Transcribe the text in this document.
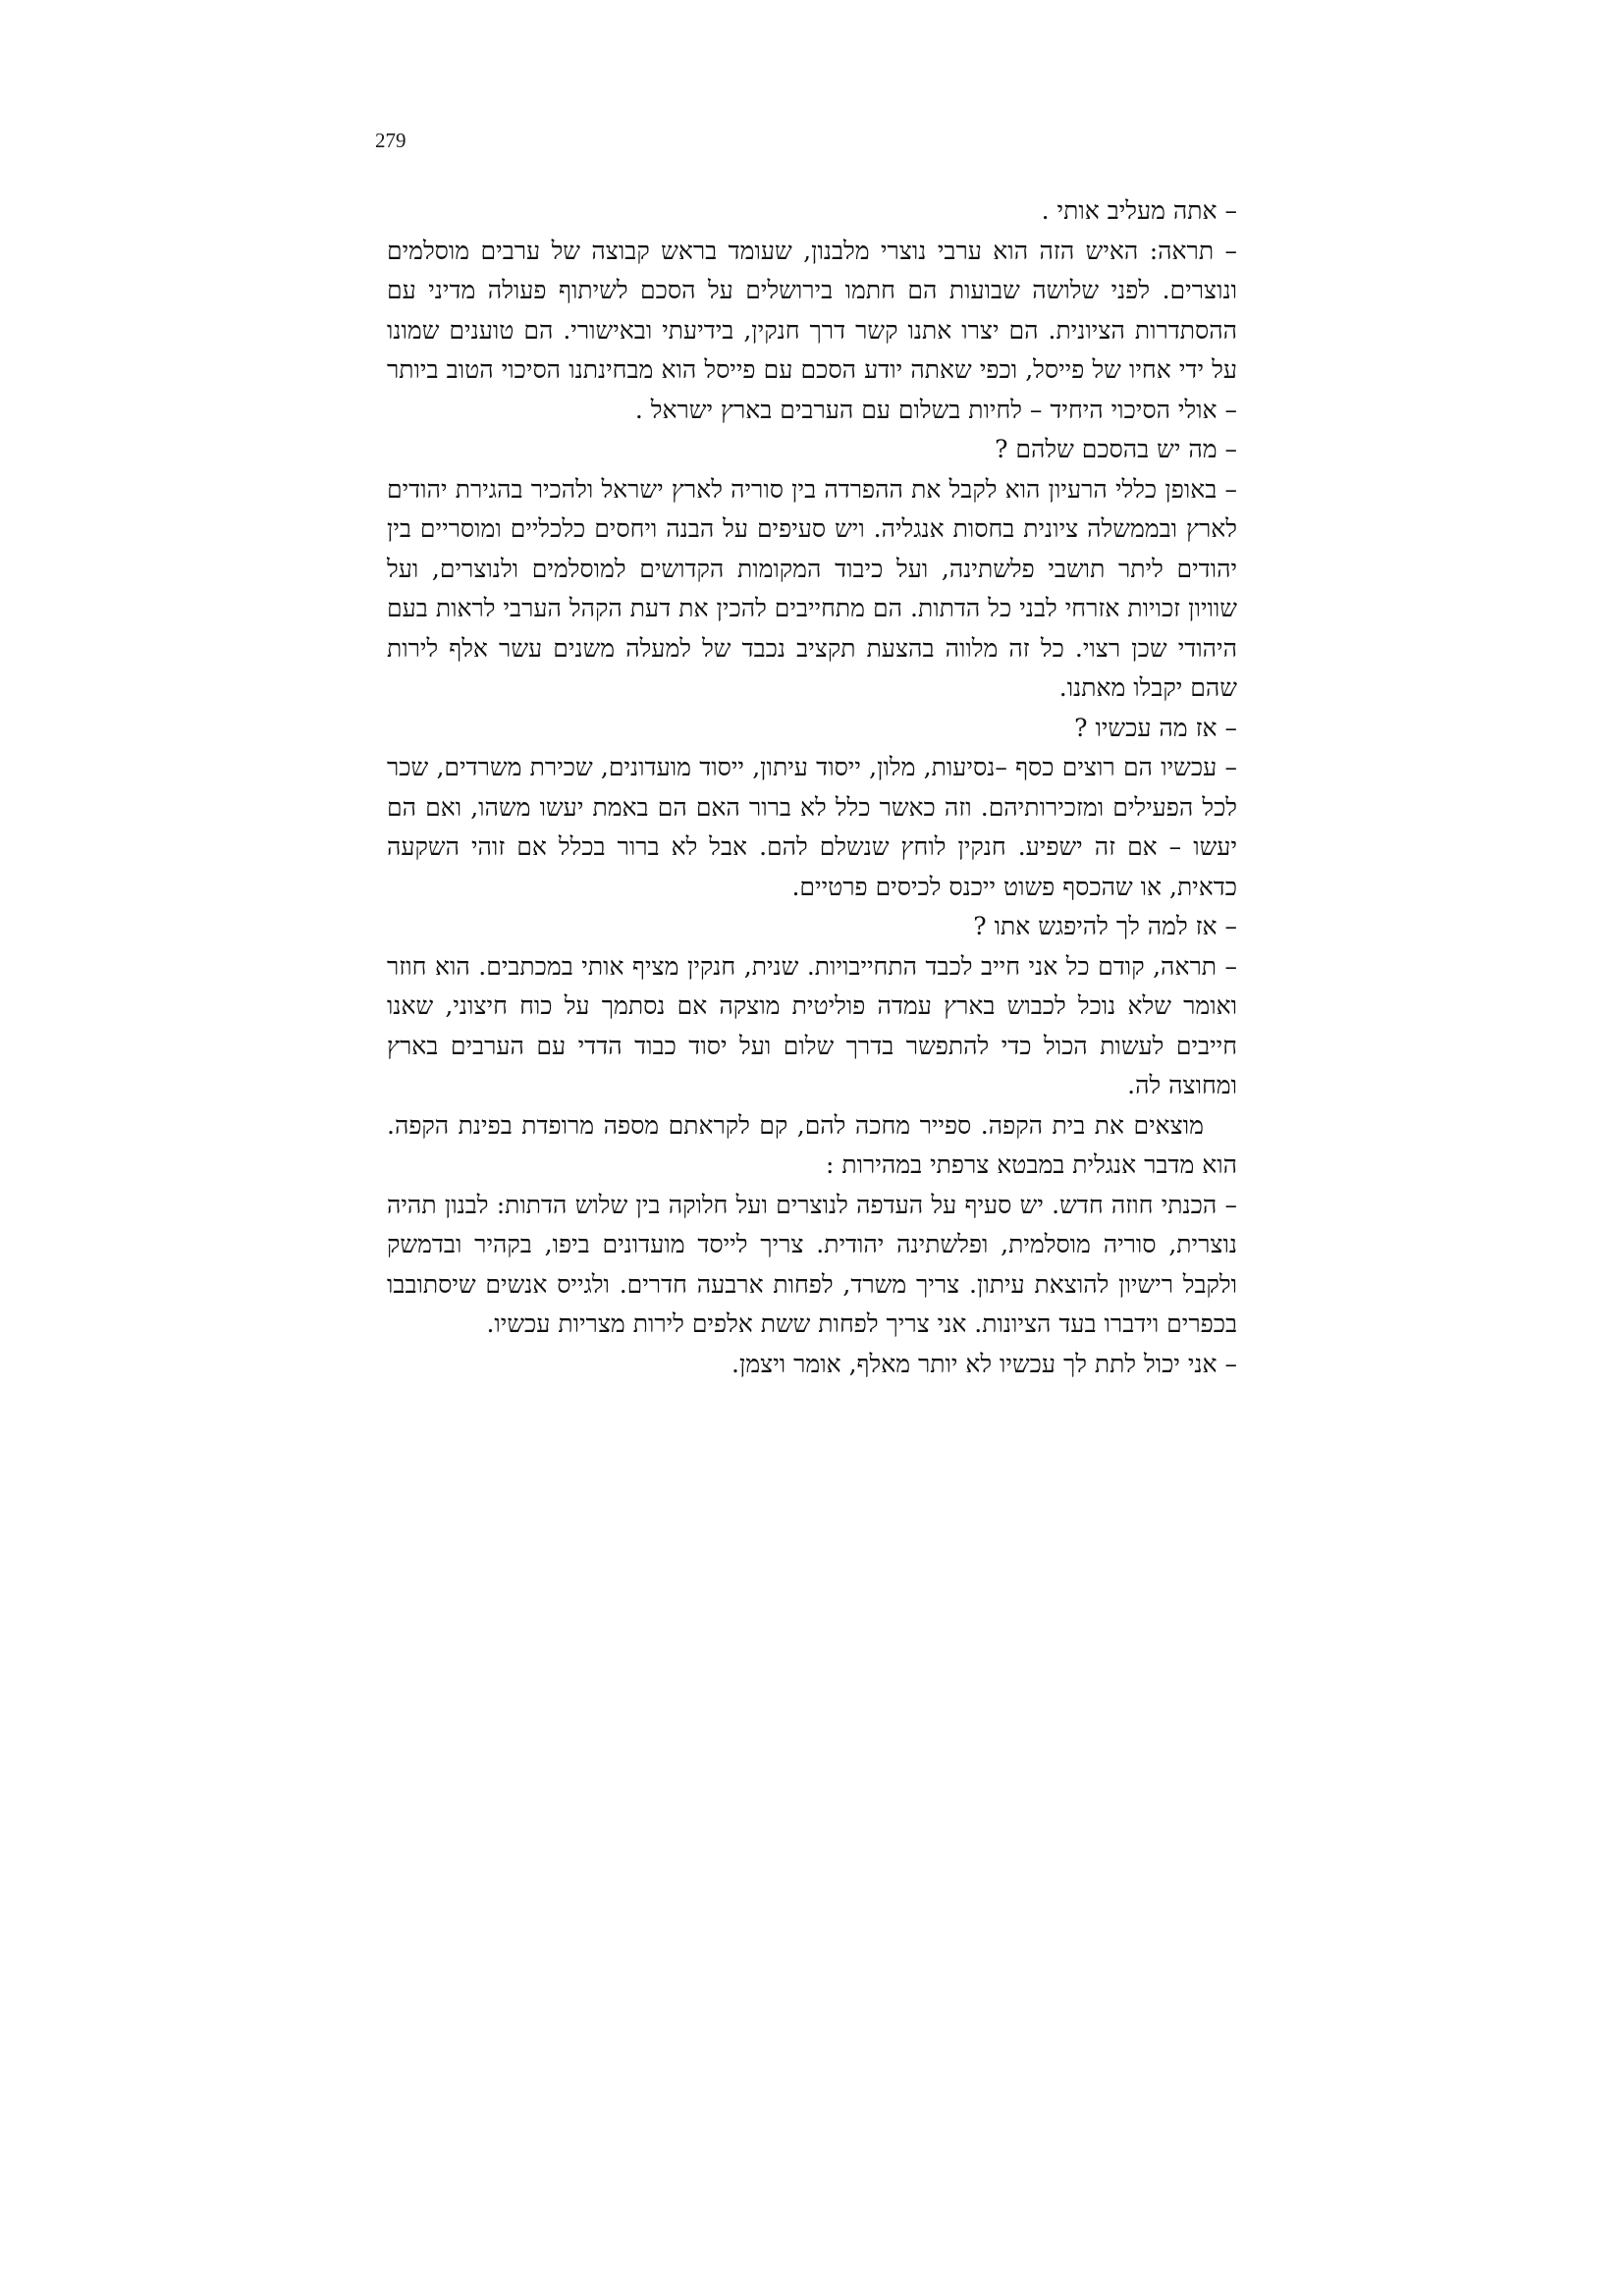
279

– אתה מעליב אותי .

– תראה: האיש הזה הוא ערבי נוצרי מלבנון, שעומד בראש קבוצה של ערבים מוסלמים ונוצרים. לפני שלושה שבועות הם חתמו בירושלים על הסכם לשיתוף פעולה מדיני עם ההסתדרות הציונית. הם יצרו אתנו קשר דרך חנקין, בידיעתי ובאישורי. הם טוענים שמונו על ידי אחיו של פייסל, וכפי שאתה יודע הסכם עם פייסל הוא מבחינתנו הסיכוי הטוב ביותר – אולי הסיכוי היחיד – לחיות בשלום עם הערבים בארץ ישראל .

– מה יש בהסכם שלהם ?

– באופן כללי הרעיון הוא לקבל את ההפרדה בין סוריה לארץ ישראל ולהכיר בהגירת יהודים לארץ ובממשלה ציונית בחסות אנגליה. ויש סעיפים על הבנה ויחסים כלכליים ומוסריים בין יהודים ליתר תושבי פלשתינה, ועל כיבוד המקומות הקדושים למוסלמים ולנוצרים, ועל שוויון זכויות אזרחי לבני כל הדתות. הם מתחייבים להכין את דעת הקהל הערבי לראות בעם היהודי שכן רצוי. כל זה מלווה בהצעת תקציב נכבד של למעלה משנים עשר אלף לירות שהם יקבלו מאתנו.

– אז מה עכשיו ?

– עכשיו הם רוצים כסף –נסיעות, מלון, ייסוד עיתון, ייסוד מועדונים, שכירת משרדים, שכר לכל הפעילים ומזכירותיהם. וזה כאשר כלל לא ברור האם הם באמת יעשו משהו, ואם הם יעשו – אם זה ישפיע. חנקין לוחץ שנשלם להם. אבל לא ברור בכלל אם זוהי השקעה כדאית, או שהכסף פשוט ייכנס לכיסים פרטיים.

– אז למה לך להיפגש אתו ?

– תראה, קודם כל אני חייב לכבד התחייבויות. שנית, חנקין מציף אותי במכתבים. הוא חוזר ואומר שלא נוכל לכבוש בארץ עמדה פוליטית מוצקה אם נסתמך על כוח חיצוני, שאנו חייבים לעשות הכול כדי להתפשר בדרך שלום ועל יסוד כבוד הדדי עם הערבים בארץ ומחוצה לה.

מוצאים את בית הקפה. ספייר מחכה להם, קם לקראתם מספה מרופדת בפינת הקפה. הוא מדבר אנגלית במבטא צרפתי במהירות :

– הכנתי חוזה חדש. יש סעיף על העדפה לנוצרים ועל חלוקה בין שלוש הדתות: לבנון תהיה נוצרית, סוריה מוסלמית, ופלשתינה יהודית. צריך לייסד מועדונים ביפו, בקהיר ובדמשק ולקבל רישיון להוצאת עיתון. צריך משרד, לפחות ארבעה חדרים. ולגייס אנשים שיסתובבו בכפרים וידברו בעד הציונות. אני צריך לפחות ששת אלפים לירות מצריות עכשיו.

– אני יכול לתת לך עכשיו לא יותר מאלף, אומר ויצמן.
